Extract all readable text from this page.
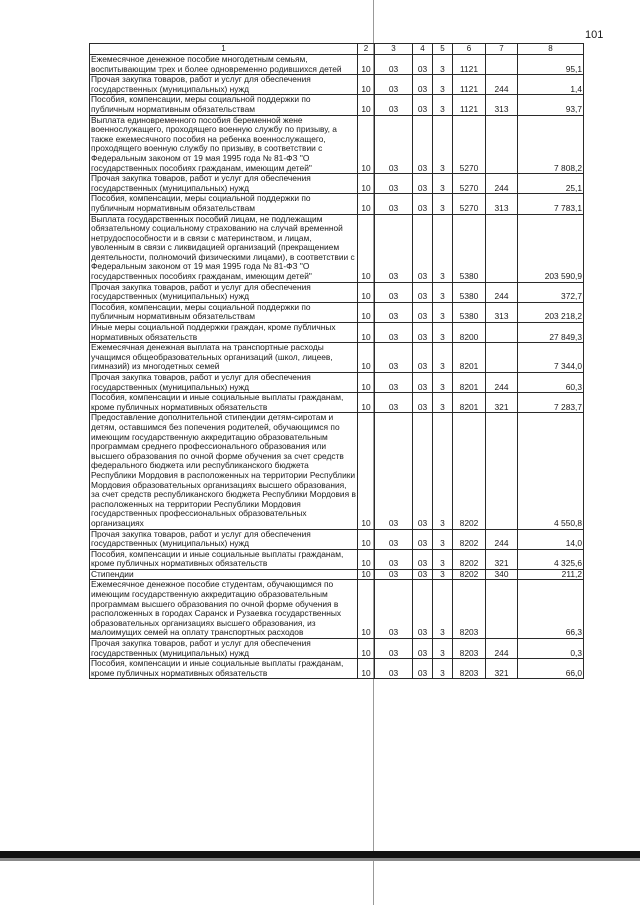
101
1	2	3	4	5	6	7	8
Ежемесячное денежное пособие многодетным семьям, воспитывающим трех и более одновременно родившихся детей	10	03	03	3	1121		95,1
Прочая закупка товаров, работ и услуг для обеспечения государственных (муниципальных) нужд	10	03	03	3	1121	244	1,4
Пособия, компенсации, меры социальной поддержки по публичным нормативным обязательствам	10	03	03	3	1121	313	93,7
Выплата единовременного пособия беременной жене военнослужащего, проходящего военную службу по призыву, а также ежемесячного пособия на ребенка военнослужащего, проходящего военную службу по призыву, в соответствии с Федеральным законом от 19 мая 1995 года № 81-ФЗ "О государственных пособиях гражданам, имеющим детей"	10	03	03	3	5270		7 808,2
Прочая закупка товаров, работ и услуг для обеспечения государственных (муниципальных) нужд	10	03	03	3	5270	244	25,1
Пособия, компенсации, меры социальной поддержки по публичным нормативным обязательствам	10	03	03	3	5270	313	7 783,1
Выплата государственных пособий лицам, не подлежащим обязательному социальному страхованию на случай временной нетрудоспособности и в связи с материнством, и лицам, уволенным в связи с ликвидацией организаций (прекращением деятельности, полномочий физическими лицами), в соответствии с Федеральным законом от 19 мая 1995 года № 81-ФЗ "О государственных пособиях гражданам, имеющим детей"	10	03	03	3	5380		203 590,9
Прочая закупка товаров, работ и услуг для обеспечения государственных (муниципальных) нужд	10	03	03	3	5380	244	372,7
Пособия, компенсации, меры социальной поддержки по публичным нормативным обязательствам	10	03	03	3	5380	313	203 218,2
Иные меры социальной поддержки граждан, кроме публичных нормативных обязательств	10	03	03	3	8200		27 849,3
Ежемесячная денежная выплата на транспортные расходы учащимся общеобразовательных организаций (школ, лицеев, гимназий) из многодетных семей	10	03	03	3	8201		7 344,0
Прочая закупка товаров, работ и услуг для обеспечения государственных (муниципальных) нужд	10	03	03	3	8201	244	60,3
Пособия, компенсации и иные социальные выплаты гражданам, кроме публичных нормативных обязательств	10	03	03	3	8201	321	7 283,7
Предоставление дополнительной стипендии детям-сиротам и детям, оставшимся без попечения родителей, обучающимся по имеющим государственную аккредитацию образовательным программам среднего профессионального образования или высшего образования по очной форме обучения за счет средств федерального бюджета или республиканского бюджета Республики Мордовия в расположенных на территории Республики Мордовия образовательных организациях высшего образования, за счет средств республиканского бюджета Республики Мордовия в расположенных на территории Республики Мордовия государственных профессиональных образовательных организациях	10	03	03	3	8202		4 550,8
Прочая закупка товаров, работ и услуг для обеспечения государственных (муниципальных) нужд	10	03	03	3	8202	244	14,0
Пособия, компенсации и иные социальные выплаты гражданам, кроме публичных нормативных обязательств	10	03	03	3	8202	321	4 325,6
Стипендии	10	03	03	3	8202	340	211,2
Ежемесячное денежное пособие студентам, обучающимся по имеющим государственную аккредитацию образовательным программам высшего образования по очной форме обучения в расположенных в городах Саранск и Рузаевка государственных образовательных организациях высшего образования, из малоимущих семей на оплату транспортных расходов	10	03	03	3	8203		66,3
Прочая закупка товаров, работ и услуг для обеспечения государственных (муниципальных) нужд	10	03	03	3	8203	244	0,3
Пособия, компенсации и иные социальные выплаты гражданам, кроме публичных нормативных обязательств	10	03	03	3	8203	321	66,0
